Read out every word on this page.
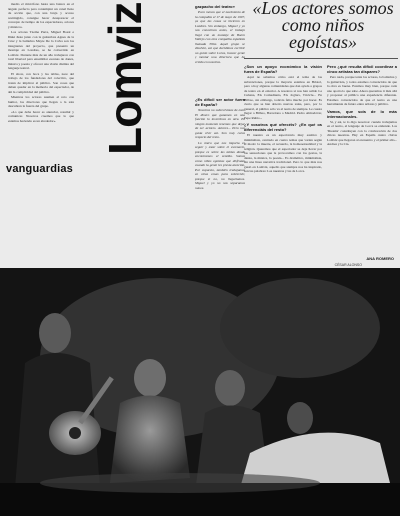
medio el micrófono hasta una butaca en el ángulo perfecto para contemplar un canal lleno de acción que, con una bruja y acceso restringido, consigue hacer desaparecer el concepto de tiempo de los espectadores, actores y músicos.

Los actores Txema Parra, Miguel Bosal e Iñaki Juste junto con la guitarrista Agnes de la Cruz y la bailarina Mayte De la Calva son los integrantes del proyecto, que presentó un montaje en Londres, se ha convertido en Lomviz. Durante más de un año trabajaron con total libertad para ensamblar escenas de danza, música y poesía y ofrecer una visión distinta del lenguaje teatral.

El show, con boca y las tablas, nace del trabajo de los fundadores del colectivo, que tratan de implicar al público. Son cosas que deben quedar en la memoria del espectador, de ahí la complicidad del público.

Mientras los actores asumen el reto con humor, los directores que llegan a la sala descubren la fuerza del grupo.

«Lo que debe hacer es anunciar, resumir y comunicar. Nosotros creemos que lo que estamos haciendo es un alrededor».

vanguardias
Lomviz	gazpacho del teatro»

Poco menos que el nacimiento de la compañía el 17 de mayo de 1997, ya que las cosas se hicieron en Londres. Sin embargo, Miguel y yo nos conocimos antes, el trabajo llegó con un montaje de Buero Vallejo con otra compañía española llamada Tribe. Aquel grupo se disolvió, así que decidimos escribir un guión sobre Lorca, buscar gente y montar una directora que ha creído en nosotros.

¿Es difícil ser actor fuera de España?

Nosotros no sobrevivimos de esto. El dinero que ganamos en una función lo invertimos en otra. En ningún momento tenemos que dejar de ser actores. Actores... Pero nos gusta vivir así. Son muy caros respecto del resto.

Lo único que nos importa es seguir y estar sobre el escenario, porque es sobre las tablas donde encontramos el sentido. Somos como niños egoístas que disfrutan cuando la gente les presta atención. Por supuesto, también trabajamos en otras cosas para sobrevivir, porque si no, no llegaríamos. Miguel y yo no nos separamos nunca.

«Los actores somos como niños egoístas»
¿Son un apoyo económico la visión fuera de España?

Aquí no sabemos cómo está el tema de las subvenciones, porque la mayoría estamos en Bristol, pero a hoy algunas comunidades que dan ayuda a grupos de teatro en el exterior. A nosotros sí nos han salido La Cubana, Els Comediants, Els Joglars, Tricicle... En Bilbao, sin embargo, todavía falta mucho por hacer. Es cierto que se han abierto nuevas salas, pero, por lo general, el público sólo va al teatro de siempre. Le cuesta llegar a Bilbao, Barcelona o Madrid. Pedro Almodóvar, Pepe Rubio...

¿Y vosotros qué ofrecéis? ¿En qué os diferenciáis del resto?

El nuestro es un espectáculo muy estético y minimalista, centrado en cuatro temas que varían según el modo: la muerte, el recuerdo, la homosexualidad y la religión. Queremos que el espectador se deje llevar por las sensaciones que le provocamos con los gestos, la danza, la música, la poesía... Es dramático, minimalista, sin una línea narrativa tradicional. Pero lo que más nos gustó en Lomviz, aquello que siempre nos ha inspirado, son las palabras: Las nuestras y las de Lorca.

Pero ¿qué resulta difícil coordinar a cinco artistas tan dispares?

Pero nada, porque tenía los actores, la bailarina y la guitarrista, y todos estamos convencidos de que la obra es buena. Estamos muy bien, porque cada uno aporta lo que sabe. Ahora queremos ir más allá y proponer al público una experiencia diferente. Estamos convencidos de que el teatro es una herramienta de futuro entre artistas y público.

Vamos, que sois de lo más internacionales.

Sí, y así, te lo digo nosotros: cuando trabajamos en el teatro, el lenguaje de Lorca se entiende. Los 'Dreams' constituyen con la colaboración de dos chicas nuestras. Hay en España cuatro chicas Lomviz que llegaron al encuentro y el primer año... Andrea y la Cía.

ANA ROMERO
CÉSAR ALONSO
